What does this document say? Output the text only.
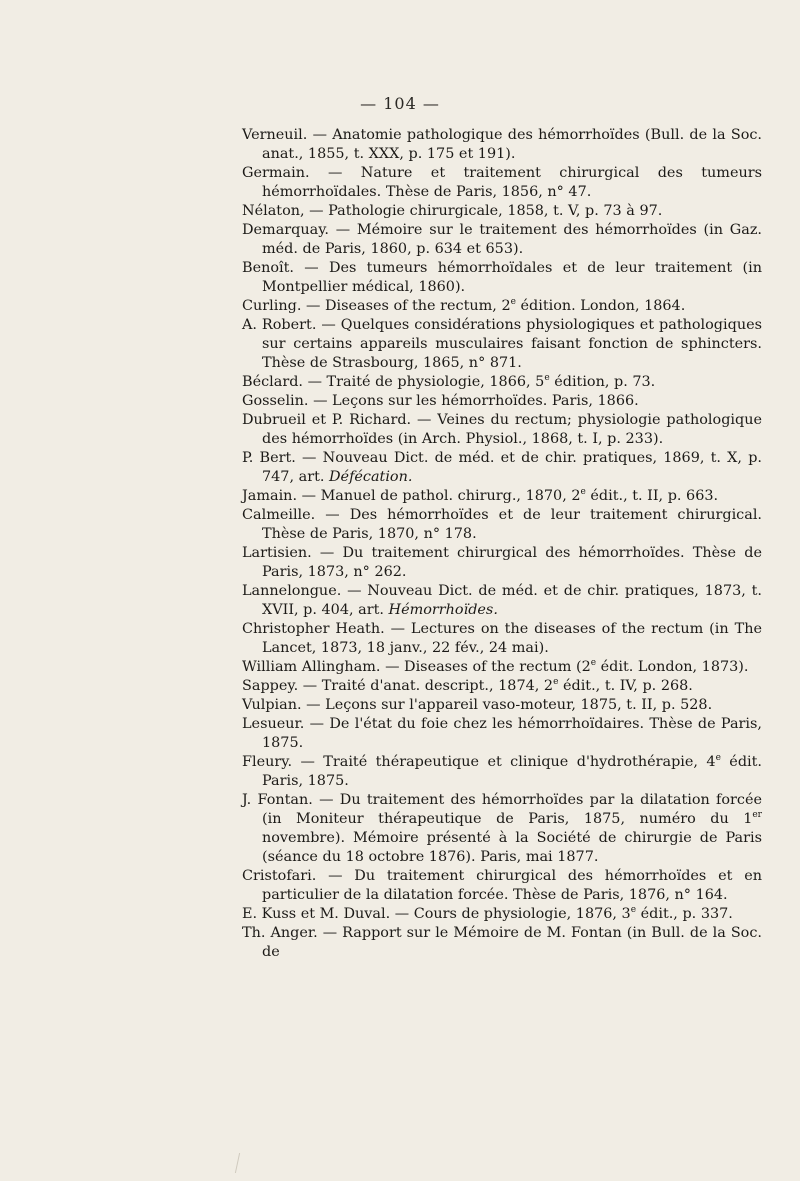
— 104 —
Verneuil. — Anatomie pathologique des hémorrhoïdes (Bull. de la Soc. anat., 1855, t. XXX, p. 175 et 191).
Germain. — Nature et traitement chirurgical des tumeurs hémorrhoïdales. Thèse de Paris, 1856, n° 47.
Nélaton, — Pathologie chirurgicale, 1858, t. V, p. 73 à 97.
Demarquay. — Mémoire sur le traitement des hémorrhoïdes (in Gaz. méd. de Paris, 1860, p. 634 et 653).
Benoît. — Des tumeurs hémorrhoïdales et de leur traitement (in Montpellier médical, 1860).
Curling. — Diseases of the rectum, 2e édition. London, 1864.
A. Robert. — Quelques considérations physiologiques et pathologiques sur certains appareils musculaires faisant fonction de sphincters. Thèse de Strasbourg, 1865, n° 871.
Béclard. — Traité de physiologie, 1866, 5e édition, p. 73.
Gosselin. — Leçons sur les hémorrhoïdes. Paris, 1866.
Dubrueil et P. Richard. — Veines du rectum; physiologie pathologique des hémorrhoïdes (in Arch. Physiol., 1868, t. I, p. 233).
P. Bert. — Nouveau Dict. de méd. et de chir. pratiques, 1869, t. X, p. 747, art. Défécation.
Jamain. — Manuel de pathol. chirurg., 1870, 2e édit., t. II, p. 663.
Calmeille. — Des hémorrhoïdes et de leur traitement chirurgical. Thèse de Paris, 1870, n° 178.
Lartisien. — Du traitement chirurgical des hémorrhoïdes. Thèse de Paris, 1873, n° 262.
Lannelongue. — Nouveau Dict. de méd. et de chir. pratiques, 1873, t. XVII, p. 404, art. Hémorrhoïdes.
Christopher Heath. — Lectures on the diseases of the rectum (in The Lancet, 1873, 18 janv., 22 fév., 24 mai).
William Allingham. — Diseases of the rectum (2e édit. London, 1873).
Sappey. — Traité d'anat. descript., 1874, 2e édit., t. IV, p. 268.
Vulpian. — Leçons sur l'appareil vaso-moteur, 1875, t. II, p. 528.
Lesueur. — De l'état du foie chez les hémorrhoïdaires. Thèse de Paris, 1875.
Fleury. — Traité thérapeutique et clinique d'hydrothérapie, 4e édit. Paris, 1875.
J. Fontan. — Du traitement des hémorrhoïdes par la dilatation forcée (in Moniteur thérapeutique de Paris, 1875, numéro du 1er novembre). Mémoire présenté à la Société de chirurgie de Paris (séance du 18 octobre 1876). Paris, mai 1877.
Cristofari. — Du traitement chirurgical des hémorrhoïdes et en particulier de la dilatation forcée. Thèse de Paris, 1876, n° 164.
E. Kuss et M. Duval. — Cours de physiologie, 1876, 3e édit., p. 337.
Th. Anger. — Rapport sur le Mémoire de M. Fontan (in Bull. de la Soc. de
